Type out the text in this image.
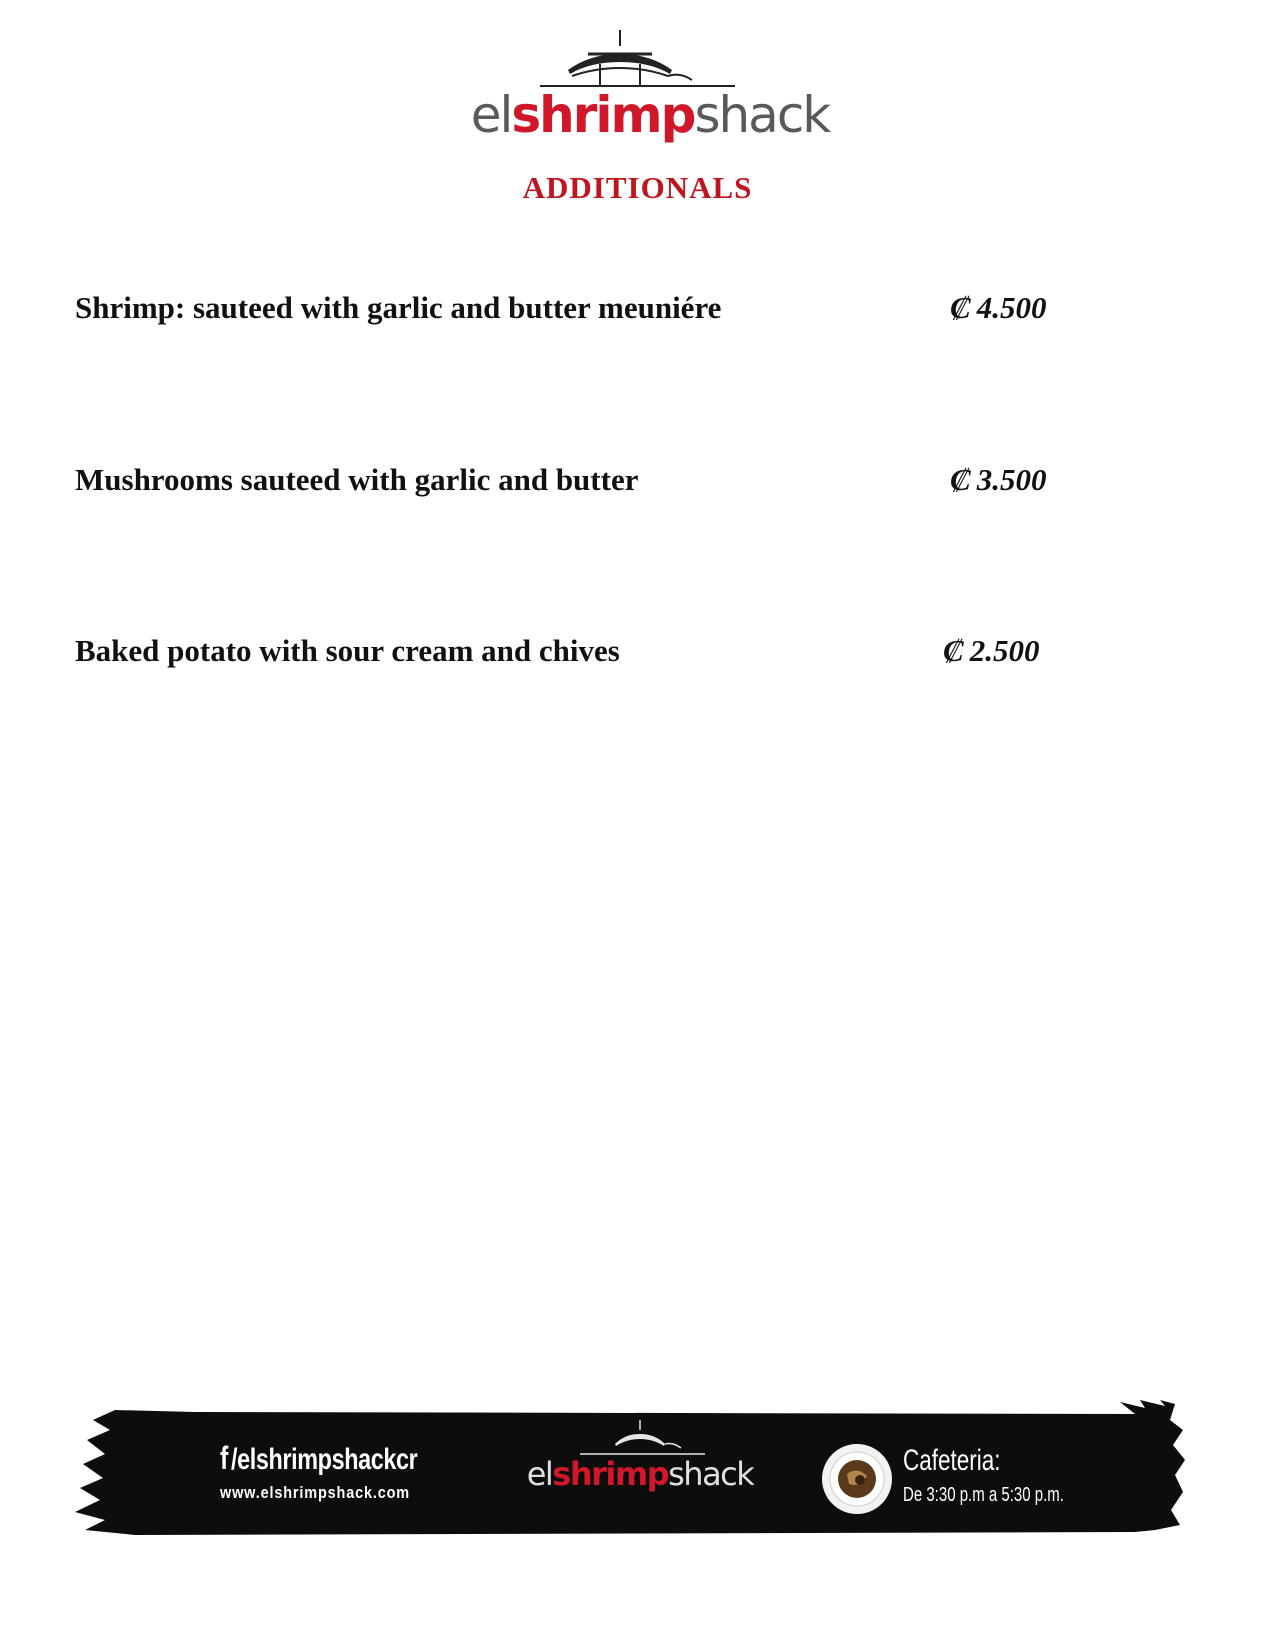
elshrimpshack
ADDITIONALS
Shrimp: sauteed with garlic and butter meuniére	₡ 4.500
Mushrooms sauteed with garlic and butter	₡ 3.500
Baked potato with sour cream and chives	₡ 2.500
f /elshrimpshackcr
www.elshrimpshack.com	elshrimpshack	Cafeteria:
De 3:30 p.m a 5:30 p.m.
